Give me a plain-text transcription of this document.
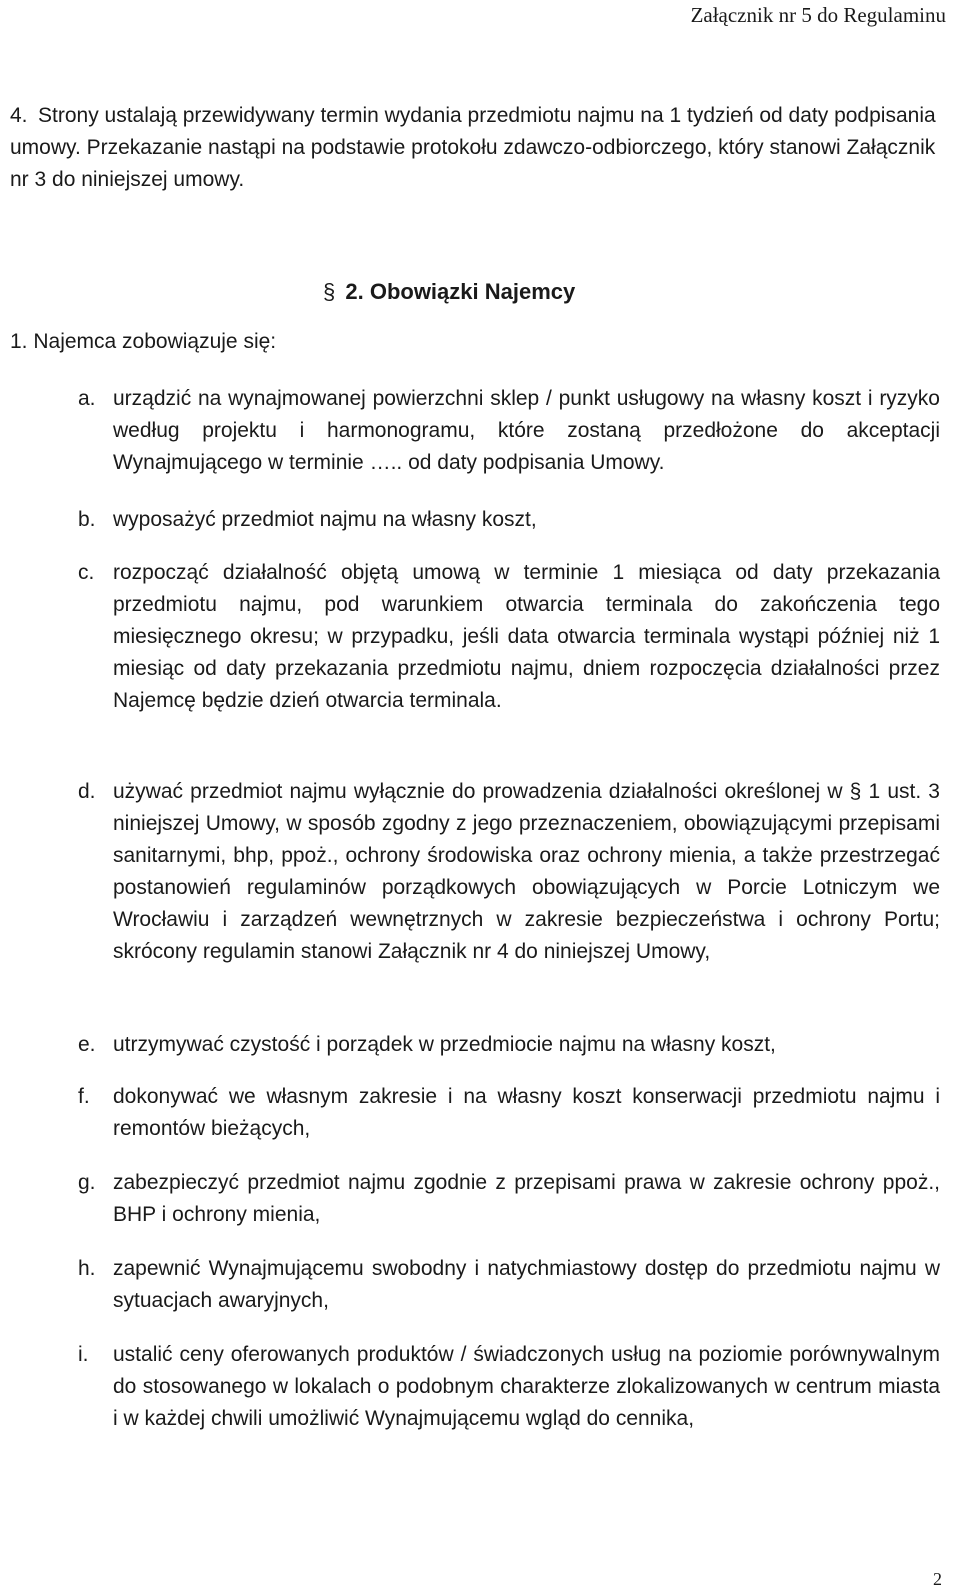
Załącznik nr 5 do Regulaminu

4. Strony ustalają przewidywany termin wydania przedmiotu najmu na 1 tydzień od daty podpisania umowy. Przekazanie nastąpi na podstawie protokołu zdawczo-odbiorczego, który stanowi Załącznik nr 3 do niniejszej umowy.

§ 2. Obowiązki Najemcy
1. Najemca zobowiązuje się:
a. urządzić na wynajmowanej powierzchni sklep / punkt usługowy na własny koszt i ryzyko według projektu i harmonogramu, które zostaną przedłożone do akceptacji Wynajmującego w terminie ….. od daty podpisania Umowy.
b. wyposażyć przedmiot najmu na własny koszt,
c. rozpocząć działalność objętą umową w terminie 1 miesiąca od daty przekazania przedmiotu najmu, pod warunkiem otwarcia terminala do zakończenia tego miesięcznego okresu; w przypadku, jeśli data otwarcia terminala wystąpi później niż 1 miesiąc od daty przekazania przedmiotu najmu, dniem rozpoczęcia działalności przez Najemcę będzie dzień otwarcia terminala.
d. używać przedmiot najmu wyłącznie do prowadzenia działalności określonej w § 1 ust. 3 niniejszej Umowy, w sposób zgodny z jego przeznaczeniem, obowiązującymi przepisami sanitarnymi, bhp, ppoż., ochrony środowiska oraz ochrony mienia, a także przestrzegać postanowień regulaminów porządkowych obowiązujących w Porcie Lotniczym we Wrocławiu i zarządzeń wewnętrznych w zakresie bezpieczeństwa i ochrony Portu; skrócony regulamin stanowi Załącznik nr 4 do niniejszej Umowy,
e. utrzymywać czystość i porządek w przedmiocie najmu na własny koszt,
f.	dokonywać we własnym zakresie i na własny koszt konserwacji przedmiotu najmu i remontów bieżących,
g. zabezpieczyć przedmiot najmu zgodnie z przepisami prawa w zakresie ochrony ppoż., BHP i ochrony mienia,
h. zapewnić Wynajmującemu swobodny i natychmiastowy dostęp do przedmiotu najmu w sytuacjach awaryjnych,
i.	ustalić ceny oferowanych produktów / świadczonych usług na poziomie porównywalnym do stosowanego w lokalach o podobnym charakterze zlokalizowanych w centrum miasta i w każdej chwili umożliwić Wynajmującemu wgląd do cennika,
2
